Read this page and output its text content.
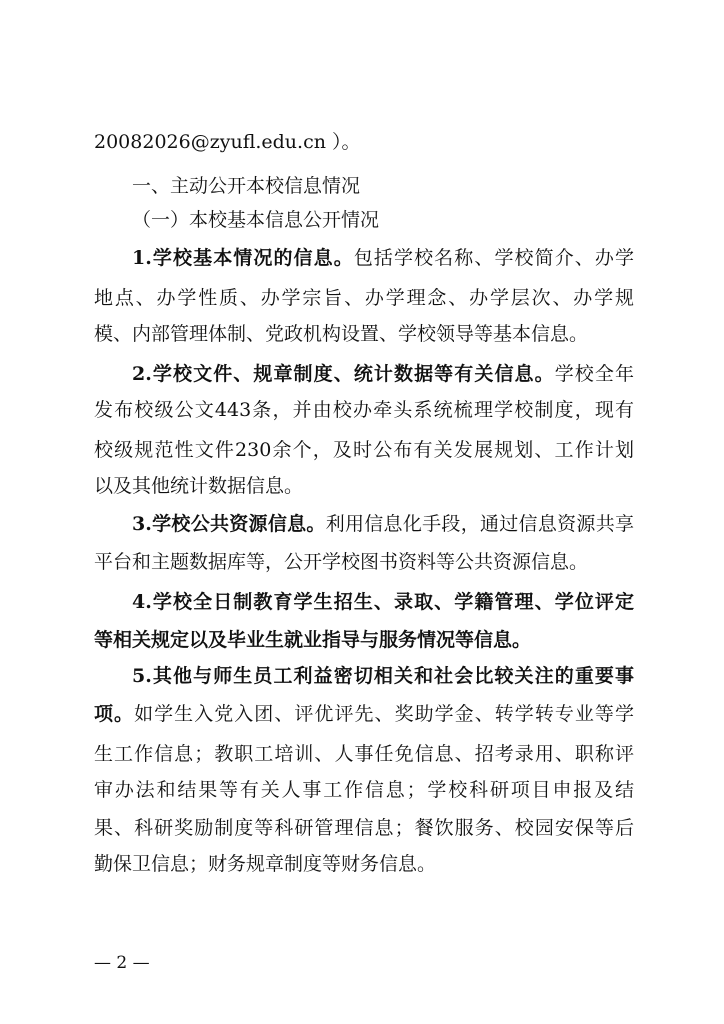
20082026@zyufl.edu.cn ）。
一、主动公开本校信息情况
（一）本校基本信息公开情况
1.学校基本情况的信息。包括学校名称、学校简介、办学
地点、办学性质、办学宗旨、办学理念、办学层次、办学规
模、内部管理体制、党政机构设置、学校领导等基本信息。
2.学校文件、规章制度、统计数据等有关信息。学校全年
发布校级公文443条，并由校办牵头系统梳理学校制度，现有
校级规范性文件230余个，及时公布有关发展规划、工作计划
以及其他统计数据信息。
3.学校公共资源信息。利用信息化手段，通过信息资源共享
平台和主题数据库等，公开学校图书资料等公共资源信息。
4.学校全日制教育学生招生、录取、学籍管理、学位评定
等相关规定以及毕业生就业指导与服务情况等信息。
5.其他与师生员工利益密切相关和社会比较关注的重要事
项。如学生入党入团、评优评先、奖助学金、转学转专业等学
生工作信息；教职工培训、人事任免信息、招考录用、职称评
审办法和结果等有关人事工作信息；学校科研项目申报及结
果、科研奖励制度等科研管理信息；餐饮服务、校园安保等后
勤保卫信息；财务规章制度等财务信息。
— 2 —
